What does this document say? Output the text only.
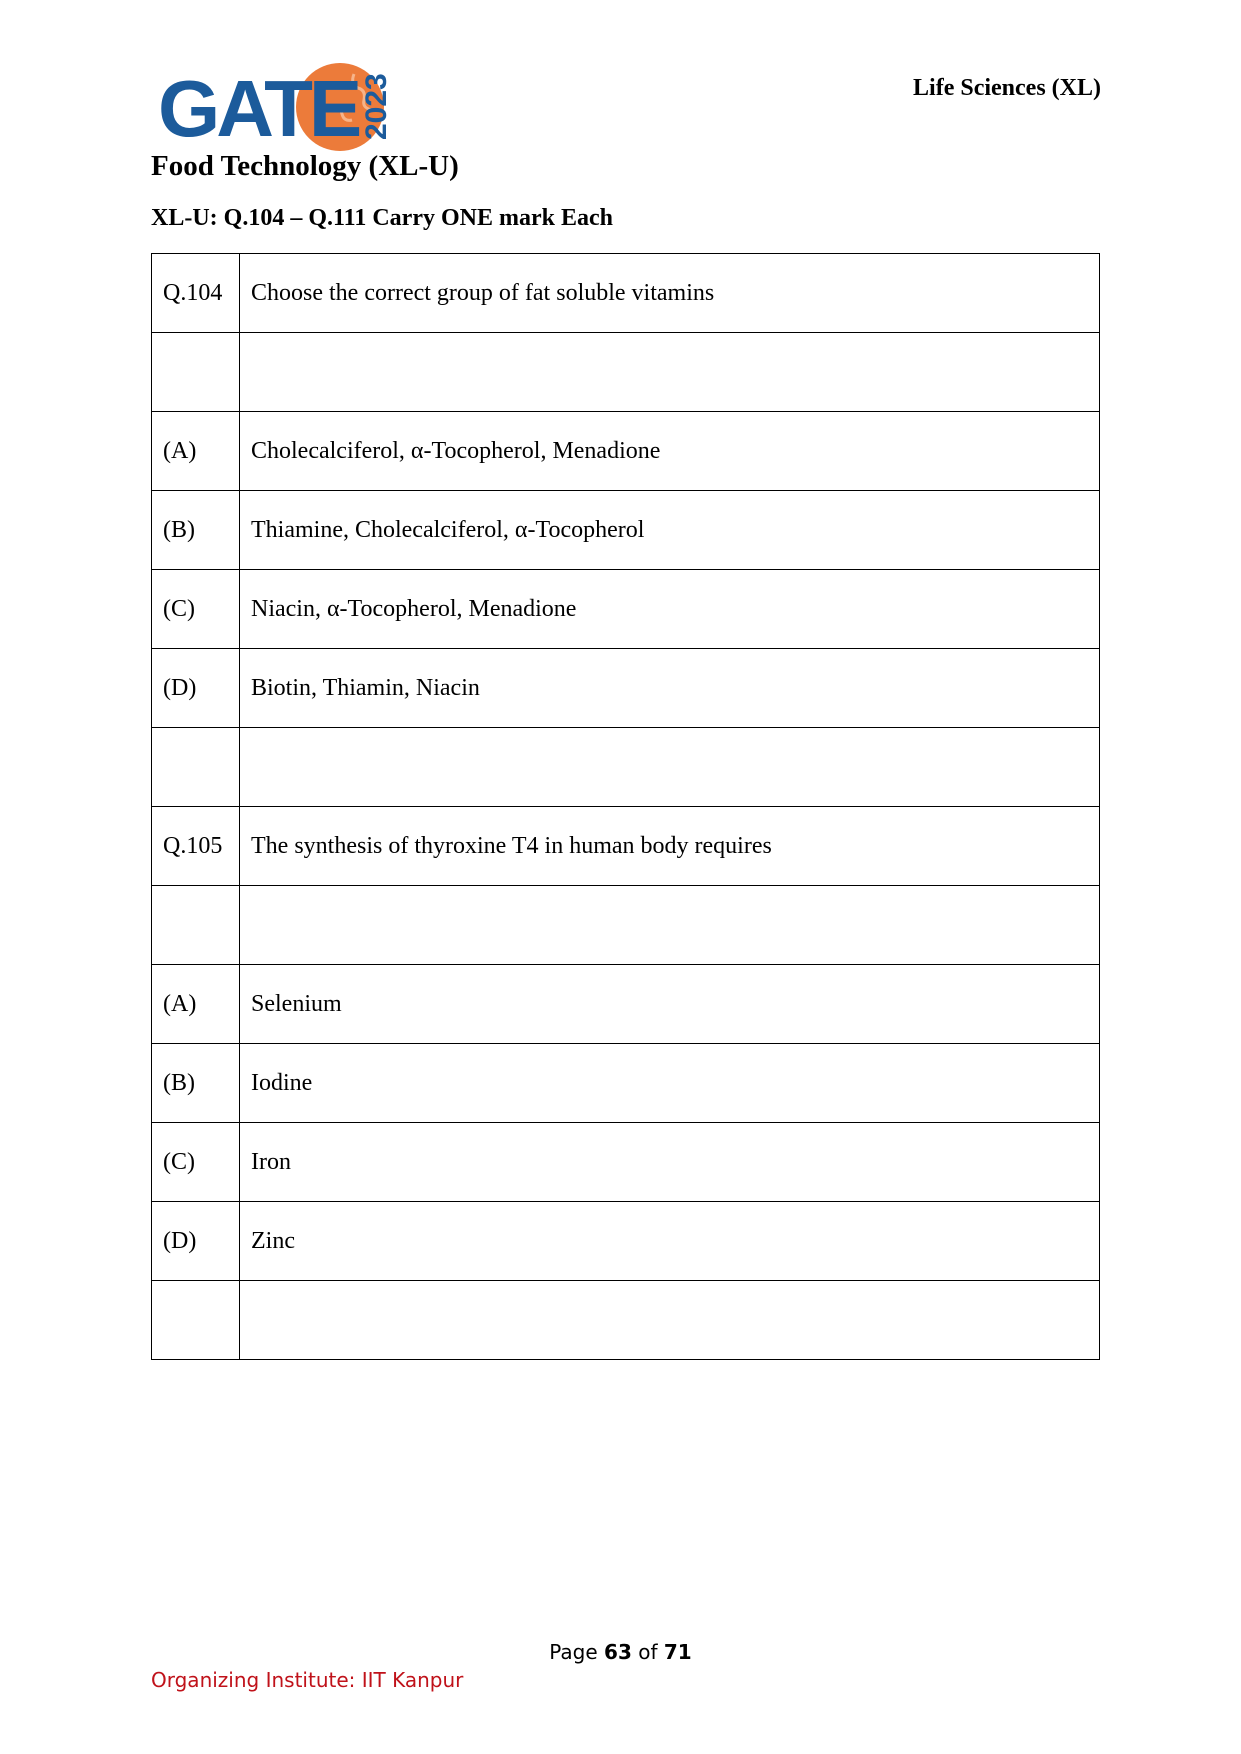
GATE 2023	Life Sciences (XL)
Food Technology (XL-U)
XL-U: Q.104 – Q.111 Carry ONE mark Each
Q.104	Choose the correct group of fat soluble vitamins

(A)	Cholecalciferol, α-Tocopherol, Menadione
(B)	Thiamine, Cholecalciferol, α-Tocopherol
(C)	Niacin, α-Tocopherol, Menadione
(D)	Biotin, Thiamin, Niacin

Q.105	The synthesis of thyroxine T4 in human body requires

(A)	Selenium
(B)	Iodine
(C)	Iron
(D)	Zinc

Page 63 of 71
Organizing Institute: IIT Kanpur
